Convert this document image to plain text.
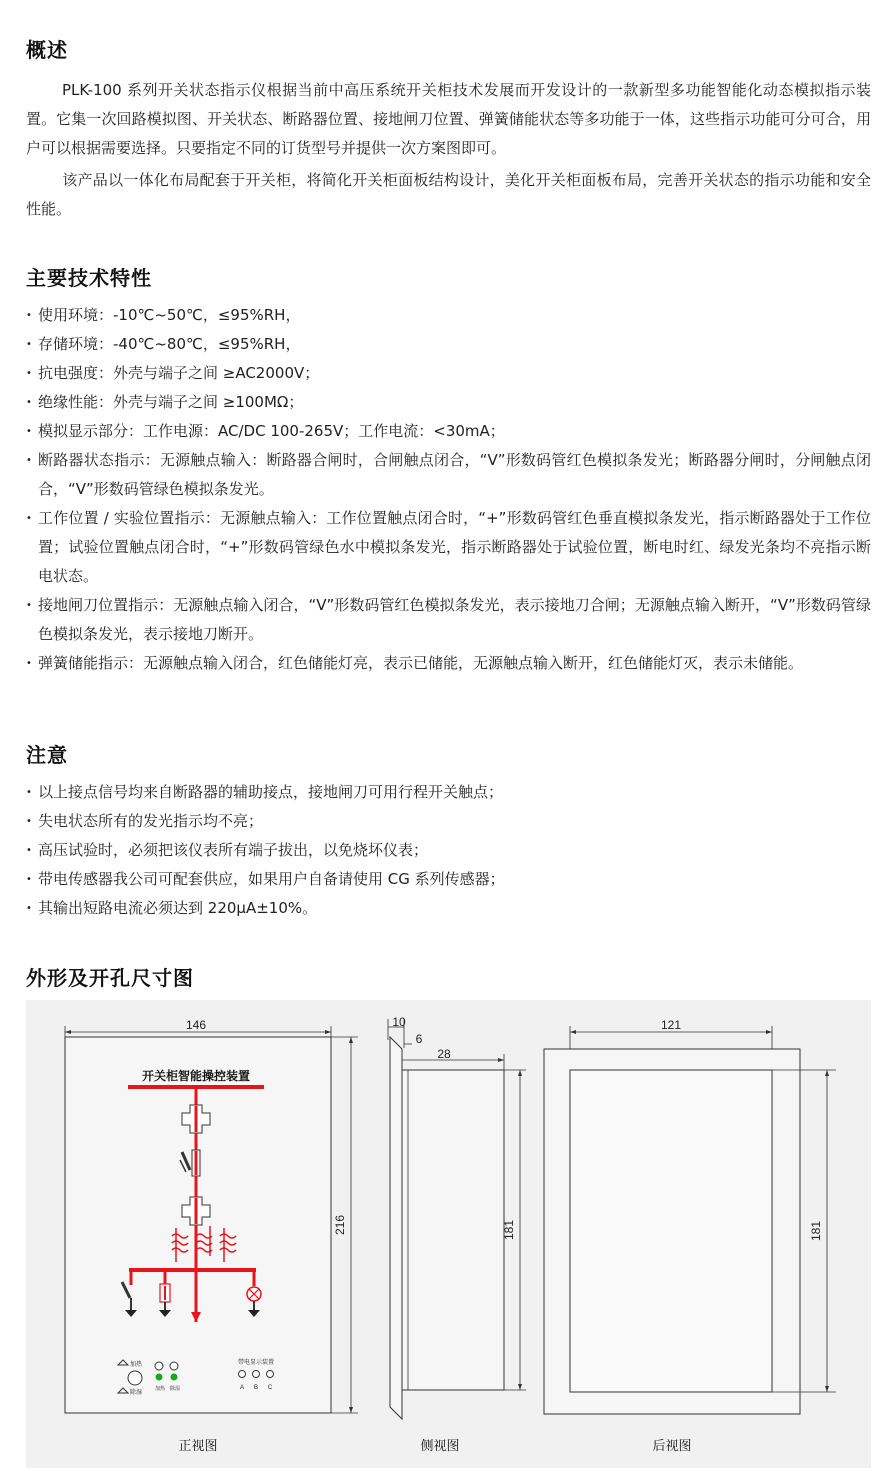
概述
PLK-100 系列开关状态指示仪根据当前中高压系统开关柜技术发展而开发设计的一款新型多功能智能化动态模拟指示装置。它集一次回路模拟图、开关状态、断路器位置、接地闸刀位置、弹簧储能状态等多功能于一体，这些指示功能可分可合，用户可以根据需要选择。只要指定不同的订货型号并提供一次方案图即可。
该产品以一体化布局配套于开关柜，将简化开关柜面板结构设计，美化开关柜面板布局，完善开关状态的指示功能和安全性能。
主要技术特性
• 使用环境：-10℃~50℃，≤95%RH，
• 存储环境：-40℃~80℃，≤95%RH，
• 抗电强度：外壳与端子之间 ≥AC2000V；
• 绝缘性能：外壳与端子之间 ≥100MΩ；
• 模拟显示部分：工作电源：AC/DC 100-265V；工作电流：<30mA；
• 断路器状态指示：无源触点输入：断路器合闸时，合闸触点闭合，“V”形数码管红色模拟条发光；断路器分闸时，分闸触点闭合，“V”形数码管绿色模拟条发光。
• 工作位置 / 实验位置指示：无源触点输入：工作位置触点闭合时，“+”形数码管红色垂直模拟条发光，指示断路器处于工作位置；试验位置触点闭合时，“+”形数码管绿色水中模拟条发光，指示断路器处于试验位置，断电时红、绿发光条均不亮指示断电状态。
• 接地闸刀位置指示：无源触点输入闭合，“V”形数码管红色模拟条发光，表示接地刀合闸；无源触点输入断开，“V”形数码管绿色模拟条发光，表示接地刀断开。
• 弹簧储能指示：无源触点输入闭合，红色储能灯亮，表示已储能，无源触点输入断开，红色储能灯灭，表示未储能。
注意
• 以上接点信号均来自断路器的辅助接点，接地闸刀可用行程开关触点；
• 失电状态所有的发光指示均不亮；
• 高压试验时，必须把该仪表所有端子拔出，以免烧坏仪表；
• 带电传感器我公司可配套供应，如果用户自备请使用 CG 系列传感器；
• 其输出短路电流必须达到 220μA±10%。
外形及开孔尺寸图
146
216
开关柜智能操控装置
加热
除湿	加热 除湿
带电显示装置
A B C
正视图
10
6
28
181
侧视图
121
181
后视图
